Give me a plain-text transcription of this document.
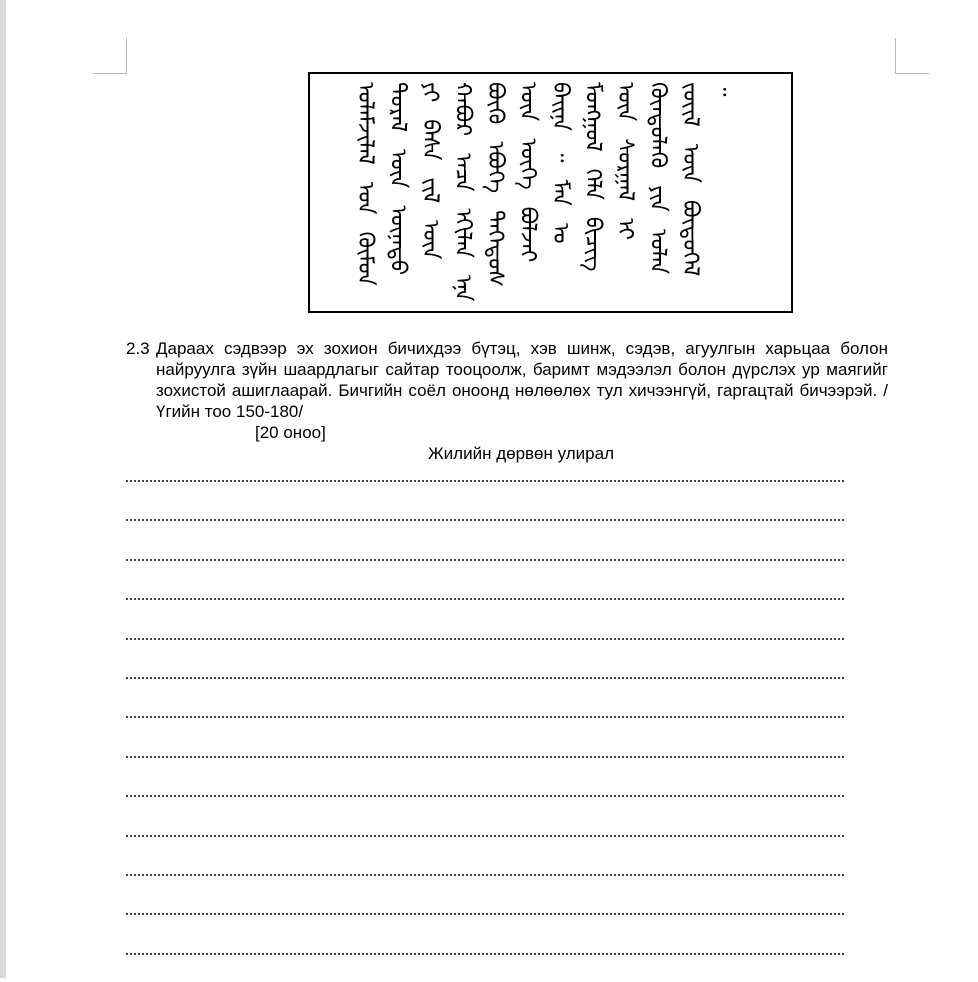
ᠤᠯᠠᠮᠵᠢᠯᠠᠯ ᠤᠨ ᠬᠦᠮᠦᠨ ᠲᠤᠷᠠᠯ ᠦᠨ ᠦᠨᠡᠲᠦ ᠶᠢ ᠪᠠᠰᠠ ᠵᠢᠯ ᠦᠨ ᠬᠠᠪᠤᠷ ᠠᠴᠠ ᠡᠬᠢᠯᠡᠨ ᠡᠨᠡ ᠪᠦᠬᠦ ᠡᠪᠦᠭᠡ ᠳᠡᠭᠡᠳᠦᠰ ᠦᠨ ᠦᠭᠡ ᠪᠣᠯᠵᠠᠢ ᠪᠠᠢᠨᠠ ᠃ ᠮᠠᠨ ᠤ ᠮᠣᠩᠭᠣᠯ ᠬᠡᠯᠡ ᠪᠢᠴᠢᠭ ᠦᠨ ᠰᠤᠷᠭᠠᠯ ᠢ ᠬᠦᠨᠳᠦᠯᠡᠬᠦ ᠶᠢᠨ ᠣᠯᠠᠨ ᠵᠦᠢᠯ ᠦᠨ ᠪᠦᠲᠦᠭᠡᠯ ᠃
2.3 Дараах сэдвээр эх зохион бичихдээ бүтэц, хэв шинж, сэдэв, агуулгын харьцаа болон найруулга зүйн шаардлагыг сайтар тооцоолж, баримт мэдээлэл болон дүрслэх ур маягийг зохистой ашиглаарай. Бичгийн соёл оноонд нөлөөлөх тул хичээнгүй, гаргацтай бичээрэй. /Үгийн тоо 150-180/
[20 оноо]
Жилийн дөрвөн улирал
